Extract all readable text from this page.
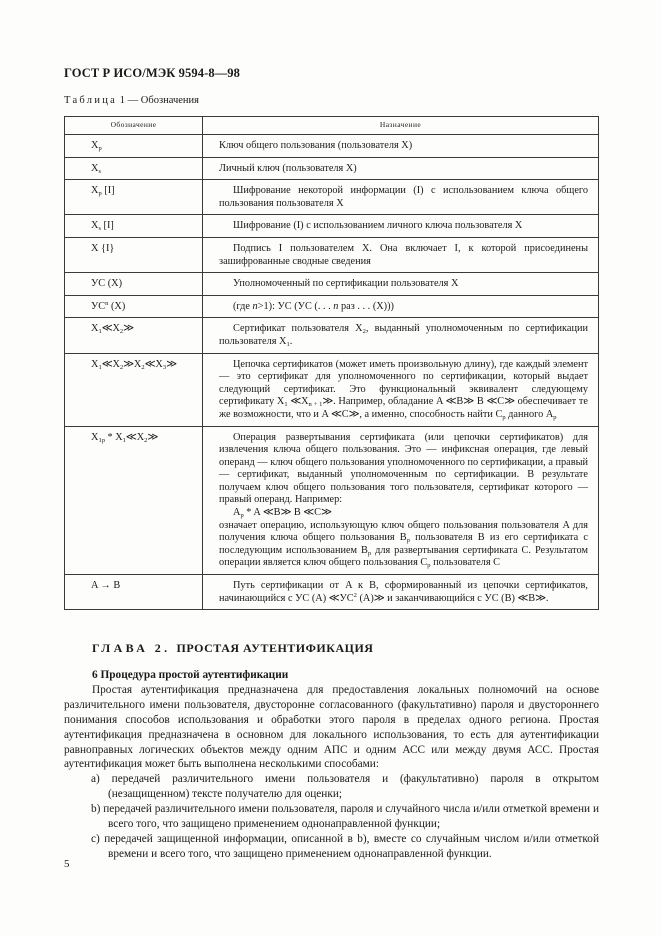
ГОСТ Р ИСО/МЭК 9594-8—98
Таблица 1 — Обозначения
Обозначение	Назначение
$X_p$	Ключ общего пользования (пользователя X)
$X_s$	Личный ключ (пользователя X)
$X_p$ [I]	Шифрование некоторой информации (I) с использованием ключа общего пользования пользователя X

$X_s$ [I]	Шифрование (I) с использованием личного ключа пользователя X

X {I}	Подпись I пользователем X. Она включает I, к которой присоединены зашифрованные сводные сведения

УС (X)	Уполномоченный по сертификации пользователя X

$УС^n$ (X)	(где n>1): УС (УС (. . . n раз . . . (X)))

$X_1≪X_2≫$	Сертификат пользователя $X_2$, выданный уполномоченным по сертификации пользователя $X_1$.

$X_1≪X_2≫X_2≪X_3≫$	Цепочка сертификатов (может иметь произвольную длину), где каждый элемент — это сертификат для уполномоченного по сертификации, который выдает следующий сертификат. Это функциональный эквивалент следующему сертификату $X_1$ $≪X_{n + 1}≫$. Например, обладание A ≪B≫ B ≪C≫ обеспечивает те же возможности, что и A ≪C≫, а именно, способность найти $C_p$ данного $A_p$

$X_{1p}$ * $X_1≪X_2≫$	Операция развертывания сертификата (или цепочки сертификатов) для извлечения ключа общего пользования. Это — инфиксная операция, где левый операнд — ключ общего пользования уполномоченного по сертификации, а правый — сертификат, выданный уполномоченным по сертификации. В результате получаем ключ общего пользования того пользователя, сертификат которого — правый операнд. Например:
$A_p$ * A ≪B≫ B ≪C≫
означает операцию, использующую ключ общего пользования пользователя A для получения ключа общего пользования $B_p$ пользователя B из его сертификата с последующим использованием $B_p$ для развертывания сертификата C. Результатом операции является ключ общего пользования $C_p$ пользователя C

A → B	Путь сертификации от A к B, сформированный из цепочки сертификатов, начинающийся с УС (A) $≪УС^2$ (A)≫ и заканчивающийся с УС (B) ≪B≫.
ГЛАВА 2. ПРОСТАЯ АУТЕНТИФИКАЦИЯ
6 Процедура простой аутентификации
Простая аутентификация предназначена для предоставления локальных полномочий на основе различительного имени пользователя, двусторонне согласованного (факультативно) пароля и двустороннего понимания способов использования и обработки этого пароля в пределах одного региона. Простая аутентификация предназначена в основном для локального использования, то есть для аутентификации равноправных логических объектов между одним АПС и одним АСС или между двумя АСС. Простая аутентификация может быть выполнена несколькими способами:
a) передачей различительного имени пользователя и (факультативно) пароля в открытом (незащищенном) тексте получателю для оценки;
b) передачей различительного имени пользователя, пароля и случайного числа и/или отметкой времени и всего того, что защищено применением однонаправленной функции;
c) передачей защищенной информации, описанной в b), вместе со случайным числом и/или отметкой времени и всего того, что защищено применением однонаправленной функции.
5
